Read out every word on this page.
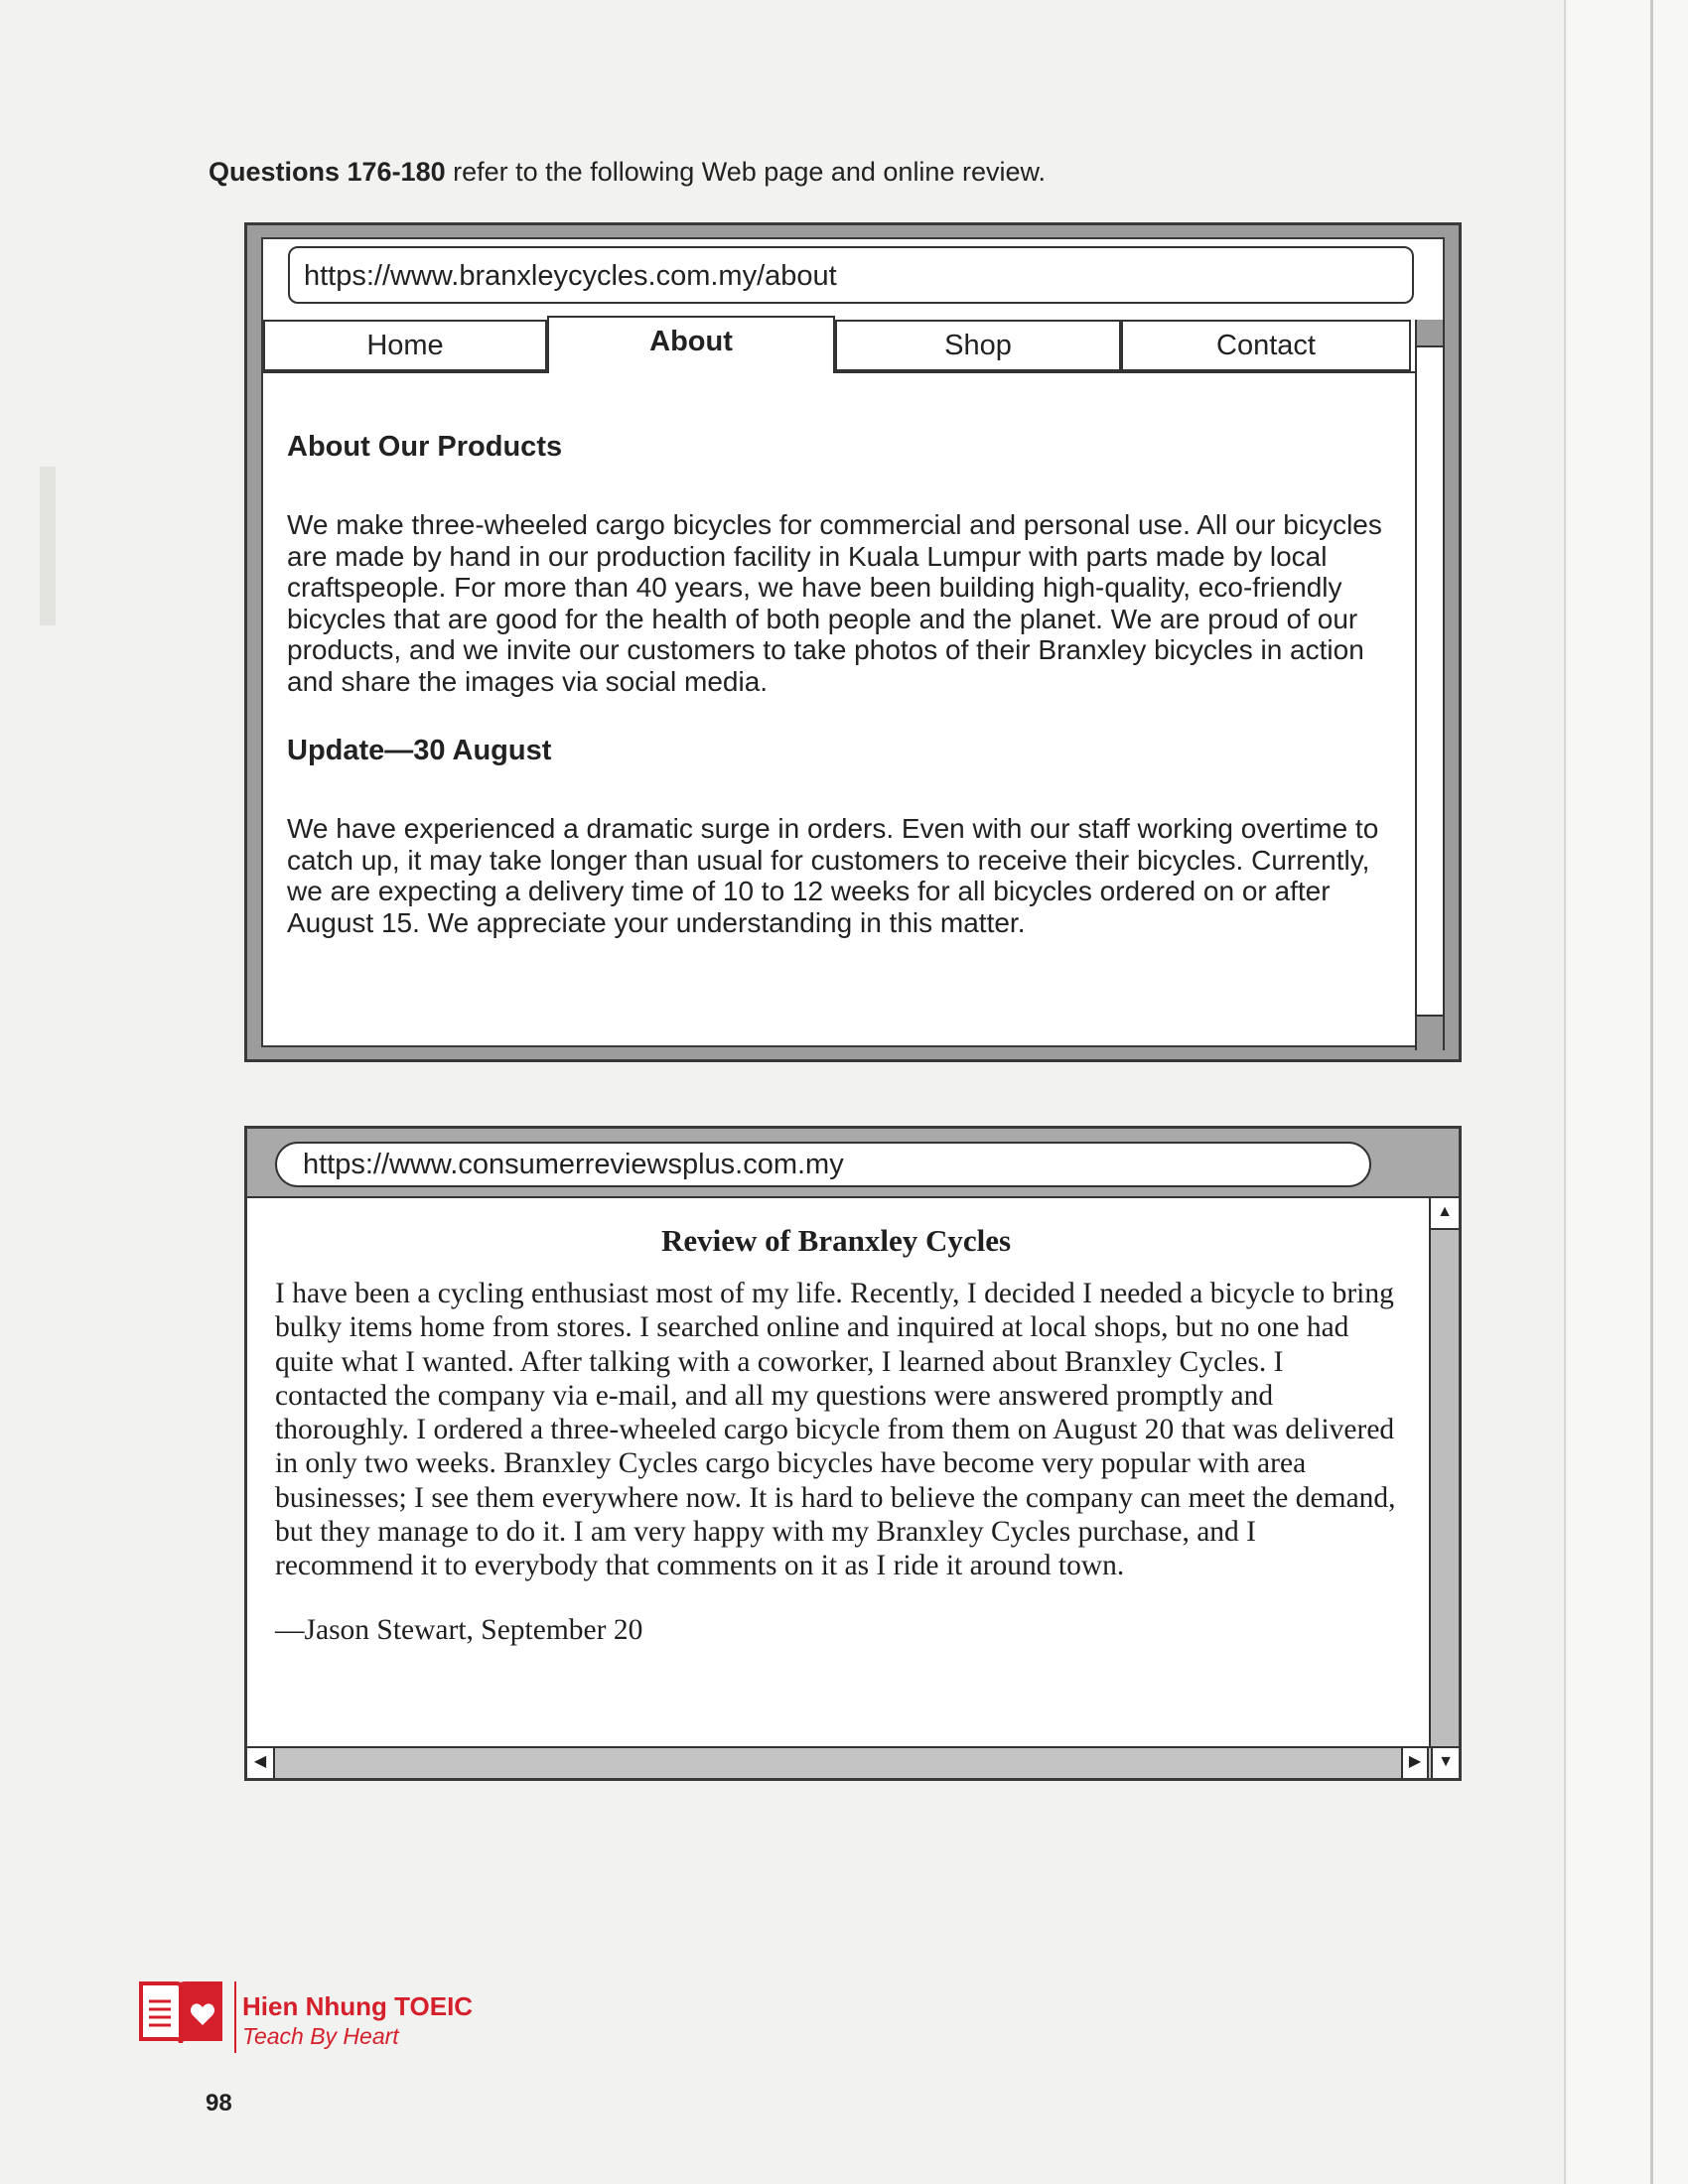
Questions 176-180 refer to the following Web page and online review.
https://www.branxleycycles.com.my/about
Home	About	Shop	Contact
About Our Products

We make three-wheeled cargo bicycles for commercial and personal use. All our bicycles are made by hand in our production facility in Kuala Lumpur with parts made by local craftspeople. For more than 40 years, we have been building high-quality, eco-friendly bicycles that are good for the health of both people and the planet. We are proud of our products, and we invite our customers to take photos of their Branxley bicycles in action and share the images via social media.

Update—30 August

We have experienced a dramatic surge in orders. Even with our staff working overtime to catch up, it may take longer than usual for customers to receive their bicycles. Currently, we are expecting a delivery time of 10 to 12 weeks for all bicycles ordered on or after August 15. We appreciate your understanding in this matter.

https://www.consumerreviewsplus.com.my
▲
◀	▶	▼
Review of Branxley Cycles

I have been a cycling enthusiast most of my life. Recently, I decided I needed a bicycle to bring bulky items home from stores. I searched online and inquired at local shops, but no one had quite what I wanted. After talking with a coworker, I learned about Branxley Cycles. I contacted the company via e-mail, and all my questions were answered promptly and thoroughly. I ordered a three-wheeled cargo bicycle from them on August 20 that was delivered in only two weeks. Branxley Cycles cargo bicycles have become very popular with area businesses; I see them everywhere now. It is hard to believe the company can meet the demand, but they manage to do it. I am very happy with my Branxley Cycles purchase, and I recommend it to everybody that comments on it as I ride it around town.

—Jason Stewart, September 20

Hien Nhung TOEIC
Teach By Heart
98
